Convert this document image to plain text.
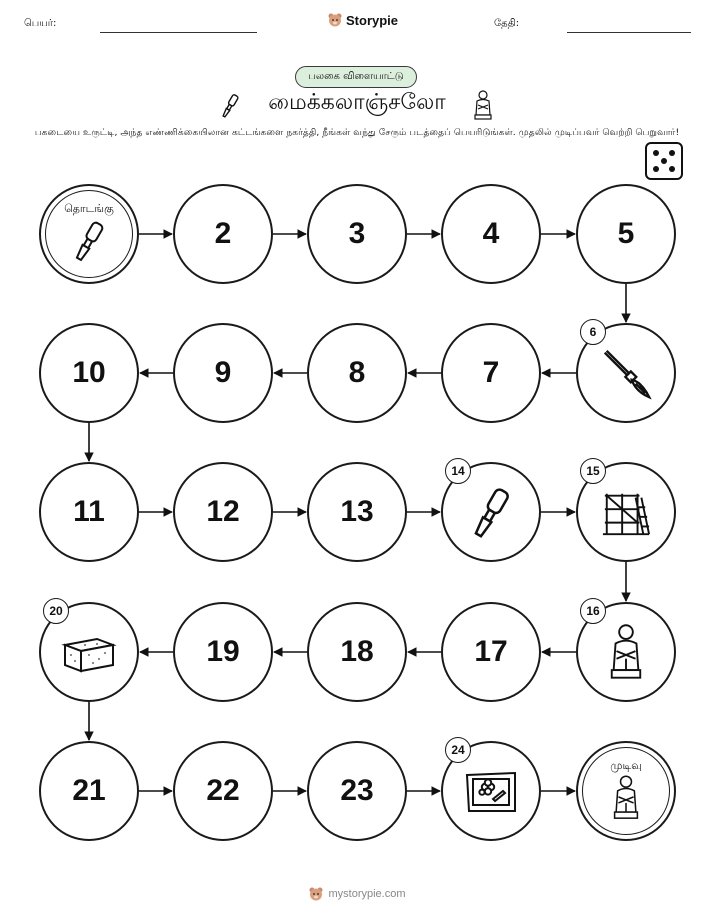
பெயர்:	Storypie	தேதி:
பலகை விளையாட்டு
மைக்கலாஞ்சலோ
பகடையை உருட்டி, அந்த எண்ணிக்கையிலான கட்டங்களை நகர்த்தி, நீங்கள் வந்து சேரும் படத்தைப் பெயரிடுங்கள். முதலில் முடிப்பவர் வெற்றி பெறுவார்!
தொடங்கு
2	3	4	5
6
7
8
9
10
11	12	13
14	15
16
17
18
19
20
21	22	23
24
முடிவு
mystorypie.com
